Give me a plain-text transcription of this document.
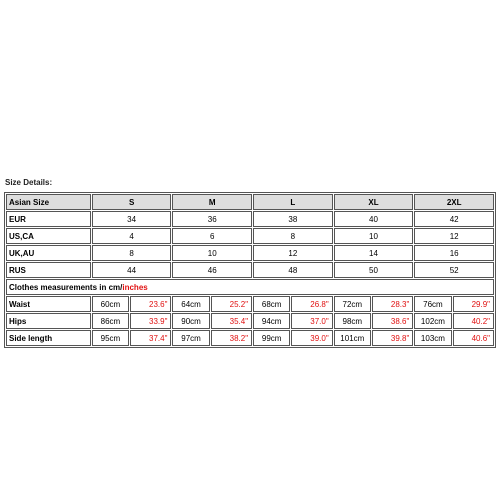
Size Details:
Asian Size	S		M		L		XL		2XL	
EUR	34		36		38		40		42	
US,CA	4		6		8		10		12	
UK,AU	8		10		12		14		16	
RUS	44		46		48		50		52	
Clothes measurements in cm/inches										
Waist	60cm	23.6"	64cm	25.2"	68cm	26.8"	72cm	28.3"	76cm	29.9"
Hips	86cm	33.9"	90cm	35.4"	94cm	37.0"	98cm	38.6"	102cm	40.2"
Side length	95cm	37.4"	97cm	38.2"	99cm	39.0"	101cm	39.8"	103cm	40.6"
